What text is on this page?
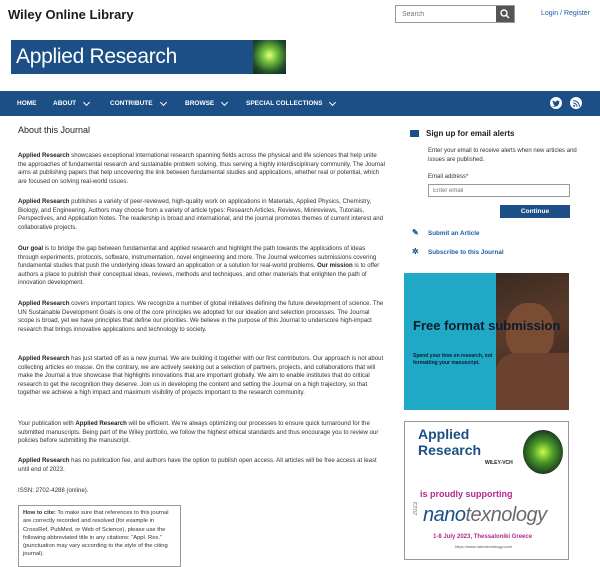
Wiley Online Library
Search	Login / Register
Applied Research
HOME	ABOUT	CONTRIBUTE	BROWSE	SPECIAL COLLECTIONS
About this Journal
Applied Research showcases exceptional international research spanning fields across the physical and life sciences that help unite the approaches of fundamental research and sustainable problem solving, thus serving a highly interdisciplinary community. The Journal aims at publishing papers that help uncovering the link between fundamental studies and applications, whether real or potential, which are focused on solving real-world issues.
Applied Research publishes a variety of peer-reviewed, high-quality work on applications in Materials, Applied Physics, Chemistry, Biology, and Engineering. Authors may choose from a variety of article types: Research Articles, Reviews, Minireviews, Tutorials, Perspectives, and Application Notes. The readership is broad and international, and the journal promotes themes of current interest and collaborative projects.
Our goal is to bridge the gap between fundamental and applied research and highlight the path towards the applications of ideas through experiments, protocols, software, instrumentation, novel engineering and more. The Journal welcomes submissions covering fundamental studies that push the underlying ideas toward an application or a solution for real-world problems. Our mission is to offer authors a place to publish their conceptual ideas, reviews, methods and techniques, and other materials that enlighten the path of innovation development.
Applied Research covers important topics. We recognize a number of global initiatives defining the future development of science. The UN Sustainable Development Goals is one of the core principles we adopted for our ideation and selection processes. The Journal scope is broad, yet we have principles that define our priorities. We believe in the purpose of this Journal to underscore high-impact research that brings innovative applications and technology to society.
Applied Research has just started off as a new journal. We are building it together with our first contributors. Our approach is not about collecting articles en masse. On the contrary, we are actively seeking out a selection of partners, projects, and collaborations that will make the Journal a true showcase that highlights innovations that are important globally. We aim to enable institutes that do critical research to get the recognition they deserve. Join us in developing the content and setting the Journal on a high trajectory, so that together we achieve a high impact and maximum visibility of projects important to the research community.
Your publication with Applied Research will be efficient. We’re always optimizing our processes to ensure quick turnaround for the submitted manuscripts. Being part of the Wiley portfolio, we follow the highest ethical standards and thus encourage you to review our policies before submitting the manuscript.
Applied Research has no publication fee, and authors have the option to publish open access. All articles will be free access at least until end of 2023.
ISSN: 2702-4288 (online).
How to cite: To make sure that references to this journal are correctly recorded and resolved (for example in CrossRef, PubMed, or Web of Science), please use the following abbreviated title in any citations: “Appl. Res.” (punctuation may vary according to the style of the citing journal).
Sign up for email alerts
Enter your email to receive alerts when new articles and issues are published.
Email address*
Enter email
Continue
✎ Submit an Article
✲ Subscribe to this Journal
Free format submission
Spend your time on research, not formatting your manuscript.
Applied Research
WILEY-VCH
is proudly supporting
2023 nanotexnology
1-8 July 2023, Thessaloniki Greece
https://www.nanotexnology.com/
